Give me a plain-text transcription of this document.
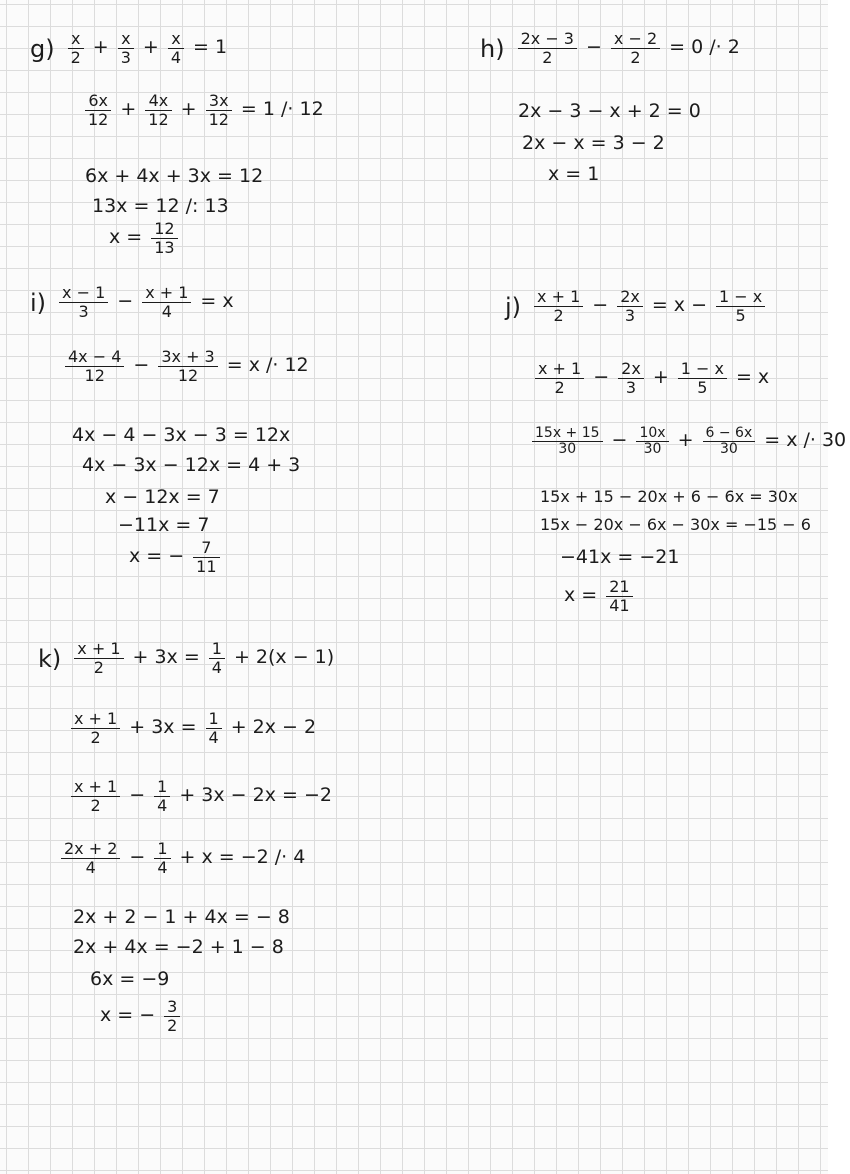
$g) \frac{x}{2} + \frac{x}{3} + \frac{x}{4} = 1$
$\frac{6x}{12} + \frac{4x}{12} + \frac{3x}{12} = 1 /\cdot 12$
6x + 4x + 3x = 12
13x = 12 /: 13
$x = \frac{12}{13}$
$h) \frac{2x - 3}{2} - \frac{x - 2}{2} = 0 /\cdot 2$
2x − 3 − x + 2 = 0
2x − x = 3 − 2
x = 1
$i) \frac{x - 1}{3} - \frac{x + 1}{4} = x$
$\frac{4x - 4}{12} - \frac{3x + 3}{12} = x /\cdot 12$
4x − 4 − 3x − 3 = 12x
4x − 3x − 12x = 4 + 3
x − 12x = 7
−11x = 7
x = − $\frac{7}{11}$
$j) \frac{x + 1}{2} - \frac{2x}{3} = x - \frac{1 - x}{5}$
$\frac{x + 1}{2} - \frac{2x}{3} + \frac{1 - x}{5} = x$
$\frac{15x + 15}{30} - \frac{10x}{30} + \frac{6 - 6x}{30} = x /\cdot 30$
15x + 15 − 20x + 6 − 6x = 30x
15x − 20x − 6x − 30x = −15 − 6
−41x = −21
$x = \frac{21}{41}$
$k) \frac{x + 1}{2} + 3x = \frac{1}{4} + 2(x - 1)$
$\frac{x + 1}{2} + 3x = \frac{1}{4} + 2x - 2$
$\frac{x + 1}{2} - \frac{1}{4} + 3x - 2x = -2$
$\frac{2x + 2}{4} - \frac{1}{4} + x = -2 /\cdot 4$
2x + 2 − 1 + 4x = − 8
2x + 4x = −2 + 1 − 8
6x = −9
x = − $\frac{3}{2}$
